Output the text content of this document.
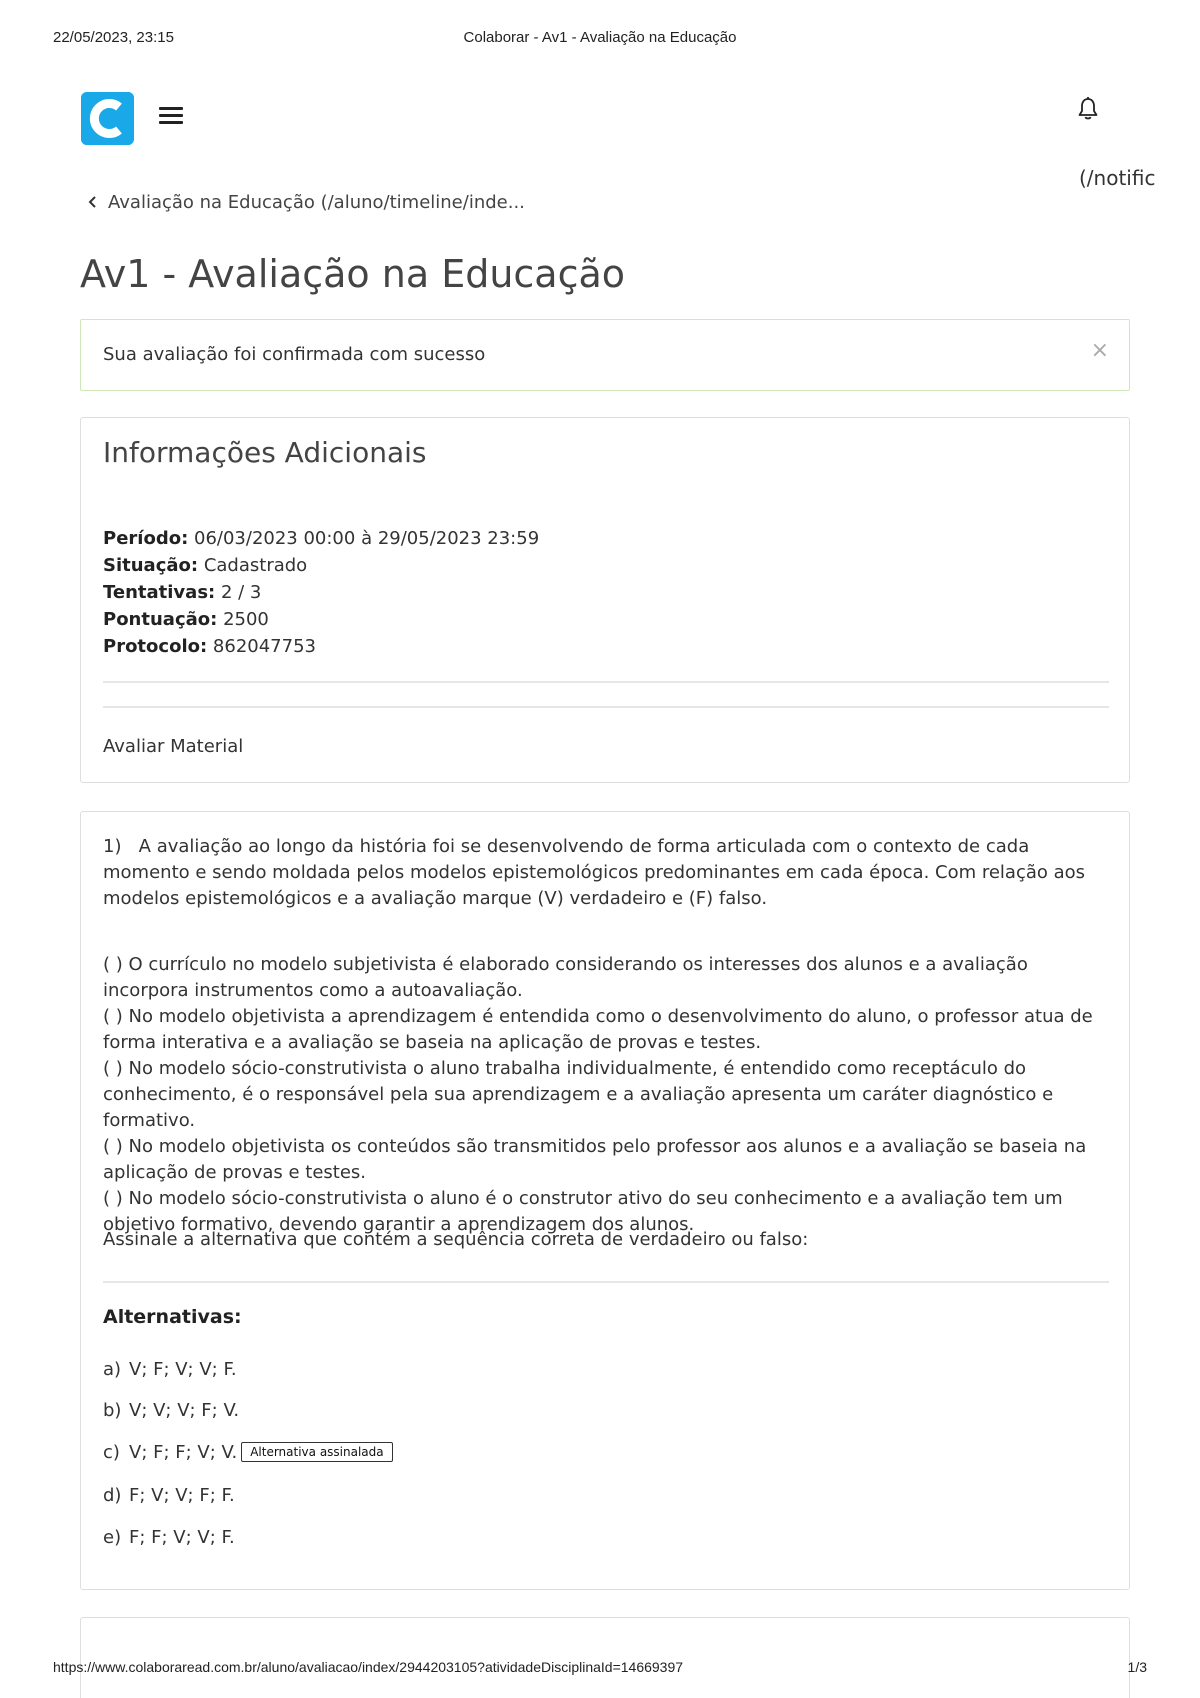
22/05/2023, 23:15	Colaborar - Av1 - Avaliação na Educação
(/notific
Avaliação na Educação (/aluno/timeline/inde...
Av1 - Avaliação na Educação
Sua avaliação foi confirmada com sucesso	×
Informações Adicionais
Período: 06/03/2023 00:00 à 29/05/2023 23:59
Situação: Cadastrado
Tentativas: 2 / 3
Pontuação: 2500
Protocolo: 862047753
Avaliar Material
1) A avaliação ao longo da história foi se desenvolvendo de forma articulada com o contexto de cada momento e sendo moldada pelos modelos epistemológicos predominantes em cada época. Com relação aos modelos epistemológicos e a avaliação marque (V) verdadeiro e (F) falso.

( ) O currículo no modelo subjetivista é elaborado considerando os interesses dos alunos e a avaliação incorpora instrumentos como a autoavaliação.

( ) No modelo objetivista a aprendizagem é entendida como o desenvolvimento do aluno, o professor atua de forma interativa e a avaliação se baseia na aplicação de provas e testes.

( ) No modelo sócio-construtivista o aluno trabalha individualmente, é entendido como receptáculo do conhecimento, é o responsável pela sua aprendizagem e a avaliação apresenta um caráter diagnóstico e formativo.

( ) No modelo objetivista os conteúdos são transmitidos pelo professor aos alunos e a avaliação se baseia na aplicação de provas e testes.

( ) No modelo sócio-construtivista o aluno é o construtor ativo do seu conhecimento e a avaliação tem um objetivo formativo, devendo garantir a aprendizagem dos alunos.

Assinale a alternativa que contém a sequência correta de verdadeiro ou falso:
Alternativas:
a) V; F; V; V; F.
b) V; V; V; F; V.
c) V; F; F; V; V. Alternativa assinalada
d) F; V; V; F; F.
e) F; F; V; V; F.
https://www.colaboraread.com.br/aluno/avaliacao/index/2944203105?atividadeDisciplinaId=14669397	1/3
